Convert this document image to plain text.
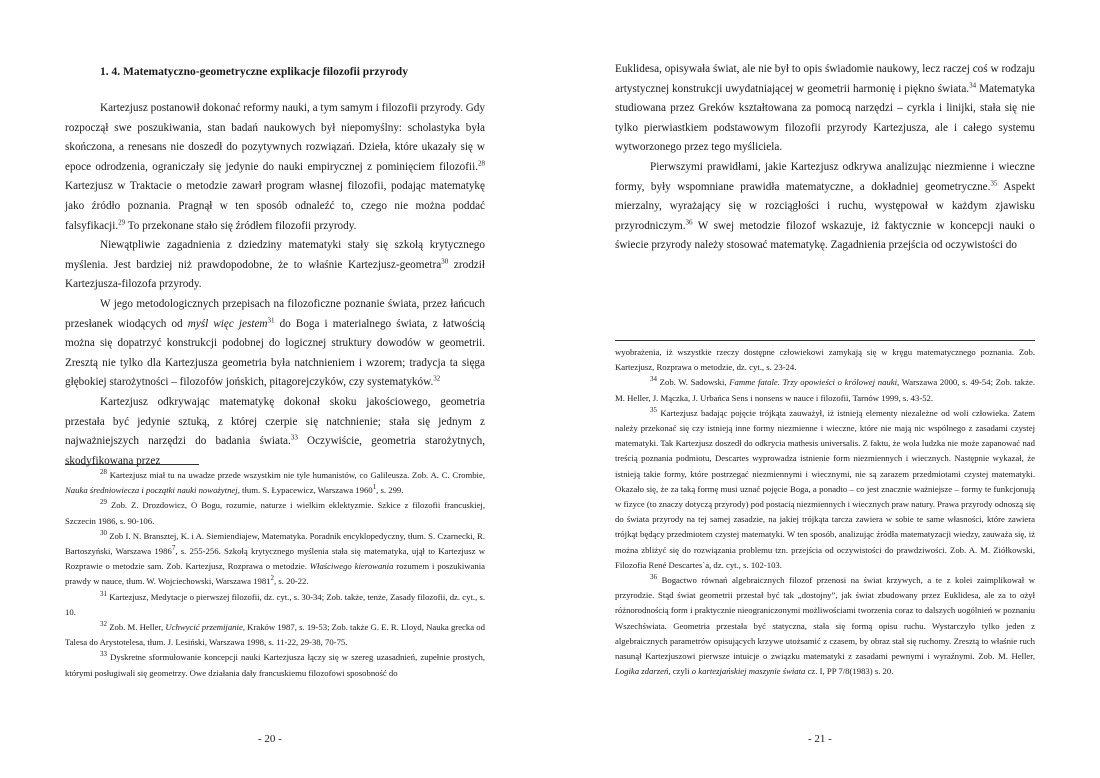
1. 4. Matematyczno-geometryczne explikacje filozofii przyrody

Kartezjusz postanowił dokonać reformy nauki, a tym samym i filozofii przyrody. Gdy rozpoczął swe poszukiwania, stan badań naukowych był niepomyślny: scholastyka była skończona, a renesans nie doszedł do pozytywnych rozwiązań. Dzieła, które ukazały się w epoce odrodzenia, ograniczały się jedynie do nauki empirycznej z pominięciem filozofii.$^{28}$ Kartezjusz w Traktacie o metodzie zawarł program własnej filozofii, podając matematykę jako źródło poznania. Pragnął w ten sposób odnaleźć to, czego nie można poddać falsyfikacji.$^{29}$ To przekonane stało się źródłem filozofii przyrody.

Niewątpliwie zagadnienia z dziedziny matematyki stały się szkołą krytycznego myślenia. Jest bardziej niż prawdopodobne, że to właśnie Kartezjusz-geometra$^{30}$ zrodził Kartezjusza-filozofa przyrody.

W jego metodologicznych przepisach na filozoficzne poznanie świata, przez łańcuch przesłanek wiodących od myśl więc jestem$^{31}$ do Boga i materialnego świata, z łatwością można się dopatrzyć konstrukcji podobnej do logicznej struktury dowodów w geometrii. Zresztą nie tylko dla Kartezjusza geometria była natchnieniem i wzorem; tradycja ta sięga głębokiej starożytności – filozofów jońskich, pitagorejczyków, czy systematyków.$^{32}$

Kartezjusz odkrywając matematykę dokonał skoku jakościowego, geometria przestała być jedynie sztuką, z której czerpie się natchnienie; stała się jednym z najważniejszych narzędzi do badania świata.$^{33}$ Oczywiście, geometria starożytnych, skodyfikowana przez

$^{28}$ Kartezjusz miał tu na uwadze przede wszystkim nie tyle humanistów, co Galileusza. Zob. A. C. Crombie, Nauka średniowiecza i początki nauki nowożytnej, tłum. S. Łypacewicz, Warszawa 1960$^1$, s. 299.

$^{29}$ Zob. Z. Drozdowicz, O Bogu, rozumie, naturze i wielkim eklektyzmie. Szkice z filozofii francuskiej, Szczecin 1986, s. 90-106.

$^{30}$ Zob I. N. Bransztej, K. i A. Siemiendiajew, Matematyka. Poradnik encyklopedyczny, tłum. S. Czarnecki, R. Bartoszyński, Warszawa 1986$^7$, s. 255-256. Szkołą krytycznego myślenia stała się matematyka, ujął to Kartezjusz w Rozprawie o metodzie sam. Zob. Kartezjusz, Rozprawa o metodzie. Właściwego kierowania rozumem i poszukiwania prawdy w nauce, tłum. W. Wojciechowski, Warszawa 1981$^2$, s. 20-22.

$^{31}$ Kartezjusz, Medytacje o pierwszej filozofii, dz. cyt., s. 30-34; Zob. także, tenże, Zasady filozofii, dz. cyt., s. 10.

$^{32}$ Zob. M. Heller, Uchwycić przemijanie, Kraków 1987, s. 19-53; Zob. także G. E. R. Lloyd, Nauka grecka od Talesa do Arystotelesa, tłum. J. Lesiński, Warszawa 1998, s. 11-22, 29-38, 70-75.

$^{33}$ Dyskretne sformułowanie koncepcji nauki Kartezjusza łączy się w szereg uzasadnień, zupełnie prostych, którymi posługiwali się geometrzy. Owe działania dały francuskiemu filozofowi sposobność do

- 20 -

Euklidesa, opisywała świat, ale nie był to opis świadomie naukowy, lecz raczej coś w rodzaju artystycznej konstrukcji uwydatniającej w geometrii harmonię i piękno świata.$^{34}$ Matematyka studiowana przez Greków kształtowana za pomocą narzędzi – cyrkla i linijki, stała się nie tylko pierwiastkiem podstawowym filozofii przyrody Kartezjusza, ale i całego systemu wytworzonego przez tego myśliciela.

Pierwszymi prawidłami, jakie Kartezjusz odkrywa analizując niezmienne i wieczne formy, były wspomniane prawidła matematyczne, a dokładniej geometryczne.$^{35}$ Aspekt mierzalny, wyrażający się w rozciągłości i ruchu, występował w każdym zjawisku przyrodniczym.$^{36}$ W swej metodzie filozof wskazuje, iż faktycznie w koncepcji nauki o świecie przyrody należy stosować matematykę. Zagadnienia przejścia od oczywistości do

wyobrażenia, iż wszystkie rzeczy dostępne człowiekowi zamykają się w kręgu matematycznego poznania. Zob. Kartezjusz, Rozprawa o metodzie, dz. cyt., s. 23-24.

$^{34}$ Zob. W. Sadowski, Famme fatale. Trzy opowieści o królowej nauki, Warszawa 2000, s. 49-54; Zob. także. M. Heller, J. Mączka, J. Urbańca Sens i nonsens w nauce i filozofii, Tarnów 1999, s. 43-52.

$^{35}$ Kartezjusz badając pojęcie trójkąta zauważył, iż istnieją elementy niezależne od woli człowieka. Zatem należy przekonać się czy istnieją inne formy niezmienne i wieczne, które nie mają nic wspólnego z zasadami czystej matematyki. Tak Kartezjusz doszedł do odkrycia mathesis universalis. Z faktu, że wola ludzka nie może zapanować nad treścią poznania podmiotu, Descartes wyprowadza istnienie form niezmiennych i wiecznych. Następnie wykazał, że istnieją takie formy, które postrzegać niezmiennymi i wiecznymi, nie są zarazem przedmiotami czystej matematyki. Okazało się, że za taką formę musi uznać pojęcie Boga, a ponadto – co jest znacznie ważniejsze – formy te funkcjonują w fizyce (to znaczy dotyczą przyrody) pod postacią niezmiennych i wiecznych praw natury. Prawa przyrody odnoszą się do świata przyrody na tej samej zasadzie, na jakiej trójkąta tarcza zawiera w sobie te same własności, które zawiera trójkąt będący przedmiotem czystej matematyki. W ten sposób, analizując źródła matematyzacji wiedzy, zauważa się, iż można zbliżyć się do rozwiązania problemu tzn. przejścia od oczywistości do prawdziwości. Zob. A. M. Ziółkowski, Filozofia René Descartes`a, dz. cyt., s. 102-103.

$^{36}$ Bogactwo równań algebraicznych filozof przenosi na świat krzywych, a te z kolei zaimplikował w przyrodzie. Stąd świat geometrii przestał być tak „dostojny”, jak świat zbudowany przez Euklidesa, ale za to ożył różnorodnością form i praktycznie nieograniczonymi możliwościami tworzenia coraz to dalszych uogólnień w poznaniu Wszechświata. Geometria przestała być statyczna, stała się formą opisu ruchu. Wystarczyło tylko jeden z algebraicznych parametrów opisujących krzywe utożsamić z czasem, by obraz stał się ruchomy. Zresztą to właśnie ruch nasunął Kartezjuszowi pierwsze intuicje o związku matematyki z zasadami pewnymi i wyraźnymi. Zob. M. Heller, Logika zdarzeń, czyli o kartezjańskiej maszynie świata cz. I, PP 7/8(1983) s. 20.

- 21 -
